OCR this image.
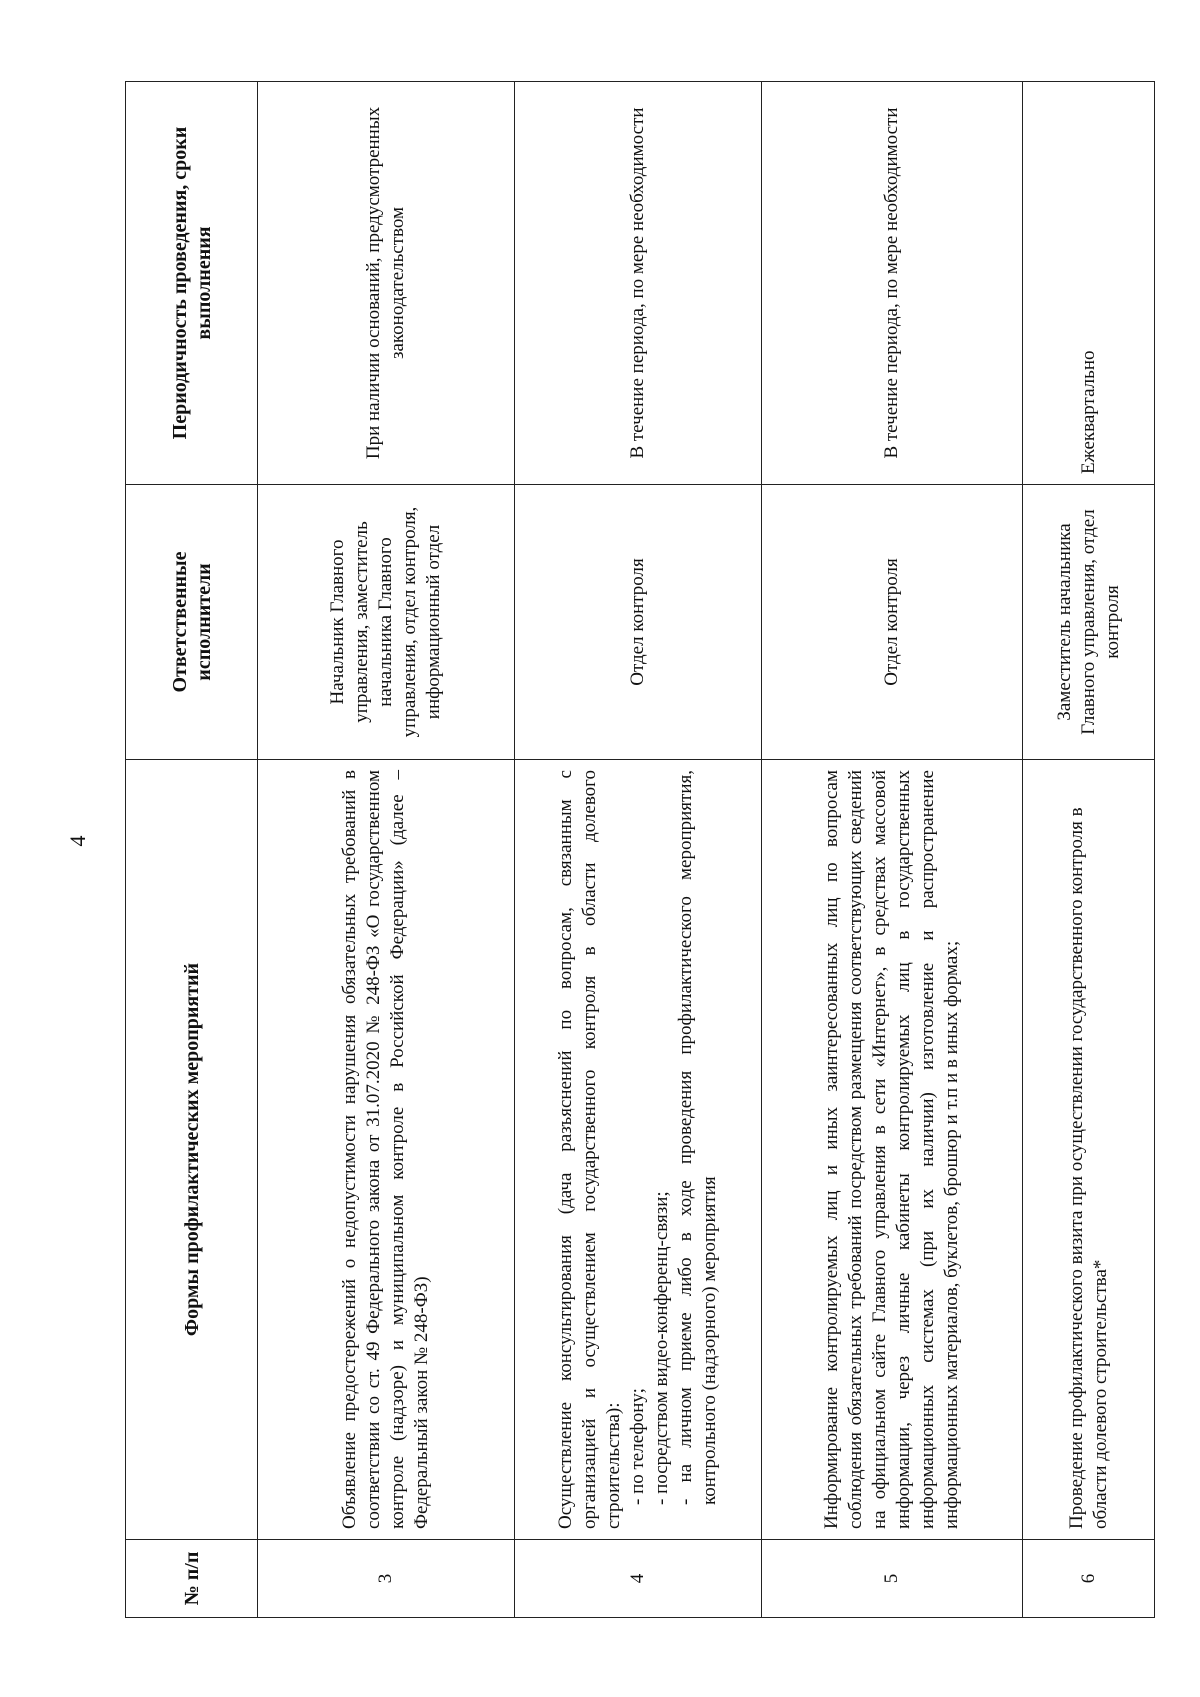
4
№ п/п	Формы профилактических мероприятий	Ответственные исполнители	Периодичность проведения, сроки выполнения
3	Объявление предостережений о недопустимости нарушения обязательных требований в соответствии со ст. 49 Федерального закона от 31.07.2020 № 248-ФЗ «О государственном контроле (надзоре) и муниципальном контроле в Российской Федерации» (далее – Федеральный закон № 248-ФЗ)	Начальник Главного управления, заместитель начальника Главного управления, отдел контроля, информационный отдел	При наличии оснований, предусмотренных законодательством
4	Осуществление консультирования (дача разъяснений по вопросам, связанным с организацией и осуществлением государственного контроля в области долевого строительства): - по телефону; - посредством видео-конференц-связи; - на личном приеме либо в ходе проведения профилактического мероприятия, контрольного (надзорного) мероприятия	Отдел контроля	В течение периода, по мере необходимости
5	Информирование контролируемых лиц и иных заинтересованных лиц по вопросам соблюдения обязательных требований посредством размещения соответствующих сведений на официальном сайте Главного управления в сети «Интернет», в средствах массовой информации, через личные кабинеты контролируемых лиц в государственных информационных системах (при их наличии) изготовление и распространение информационных материалов, буклетов, брошюр и т.п и в иных формах;	Отдел контроля	В течение периода, по мере необходимости
6	Проведение профилактического визита при осуществлении государственного контроля в области долевого строительства*	Заместитель начальника Главного управления, отдел контроля	Ежеквартально
